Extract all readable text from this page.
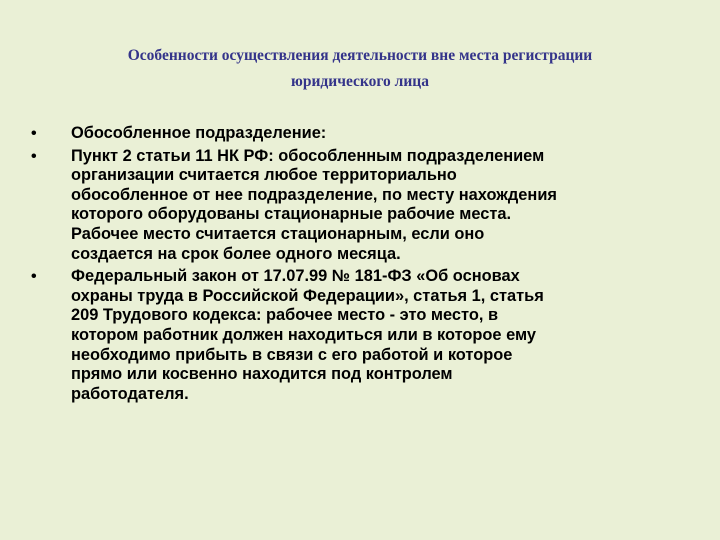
Особенности осуществления деятельности вне места регистрации
юридического лица
• Обособленное подразделение:
• Пункт 2 статьи 11 НК РФ: обособленным подразделением
организации считается любое территориально
обособленное от нее подразделение, по месту нахождения
которого оборудованы стационарные рабочие места.
Рабочее место считается стационарным, если оно
создается на срок более одного месяца.
• Федеральный закон от 17.07.99 № 181-ФЗ «Об основах
охраны труда в Российской Федерации», статья 1, статья
209 Трудового кодекса: рабочее место - это место, в
котором работник должен находиться или в которое ему
необходимо прибыть в связи с его работой и которое
прямо или косвенно находится под контролем
работодателя.
